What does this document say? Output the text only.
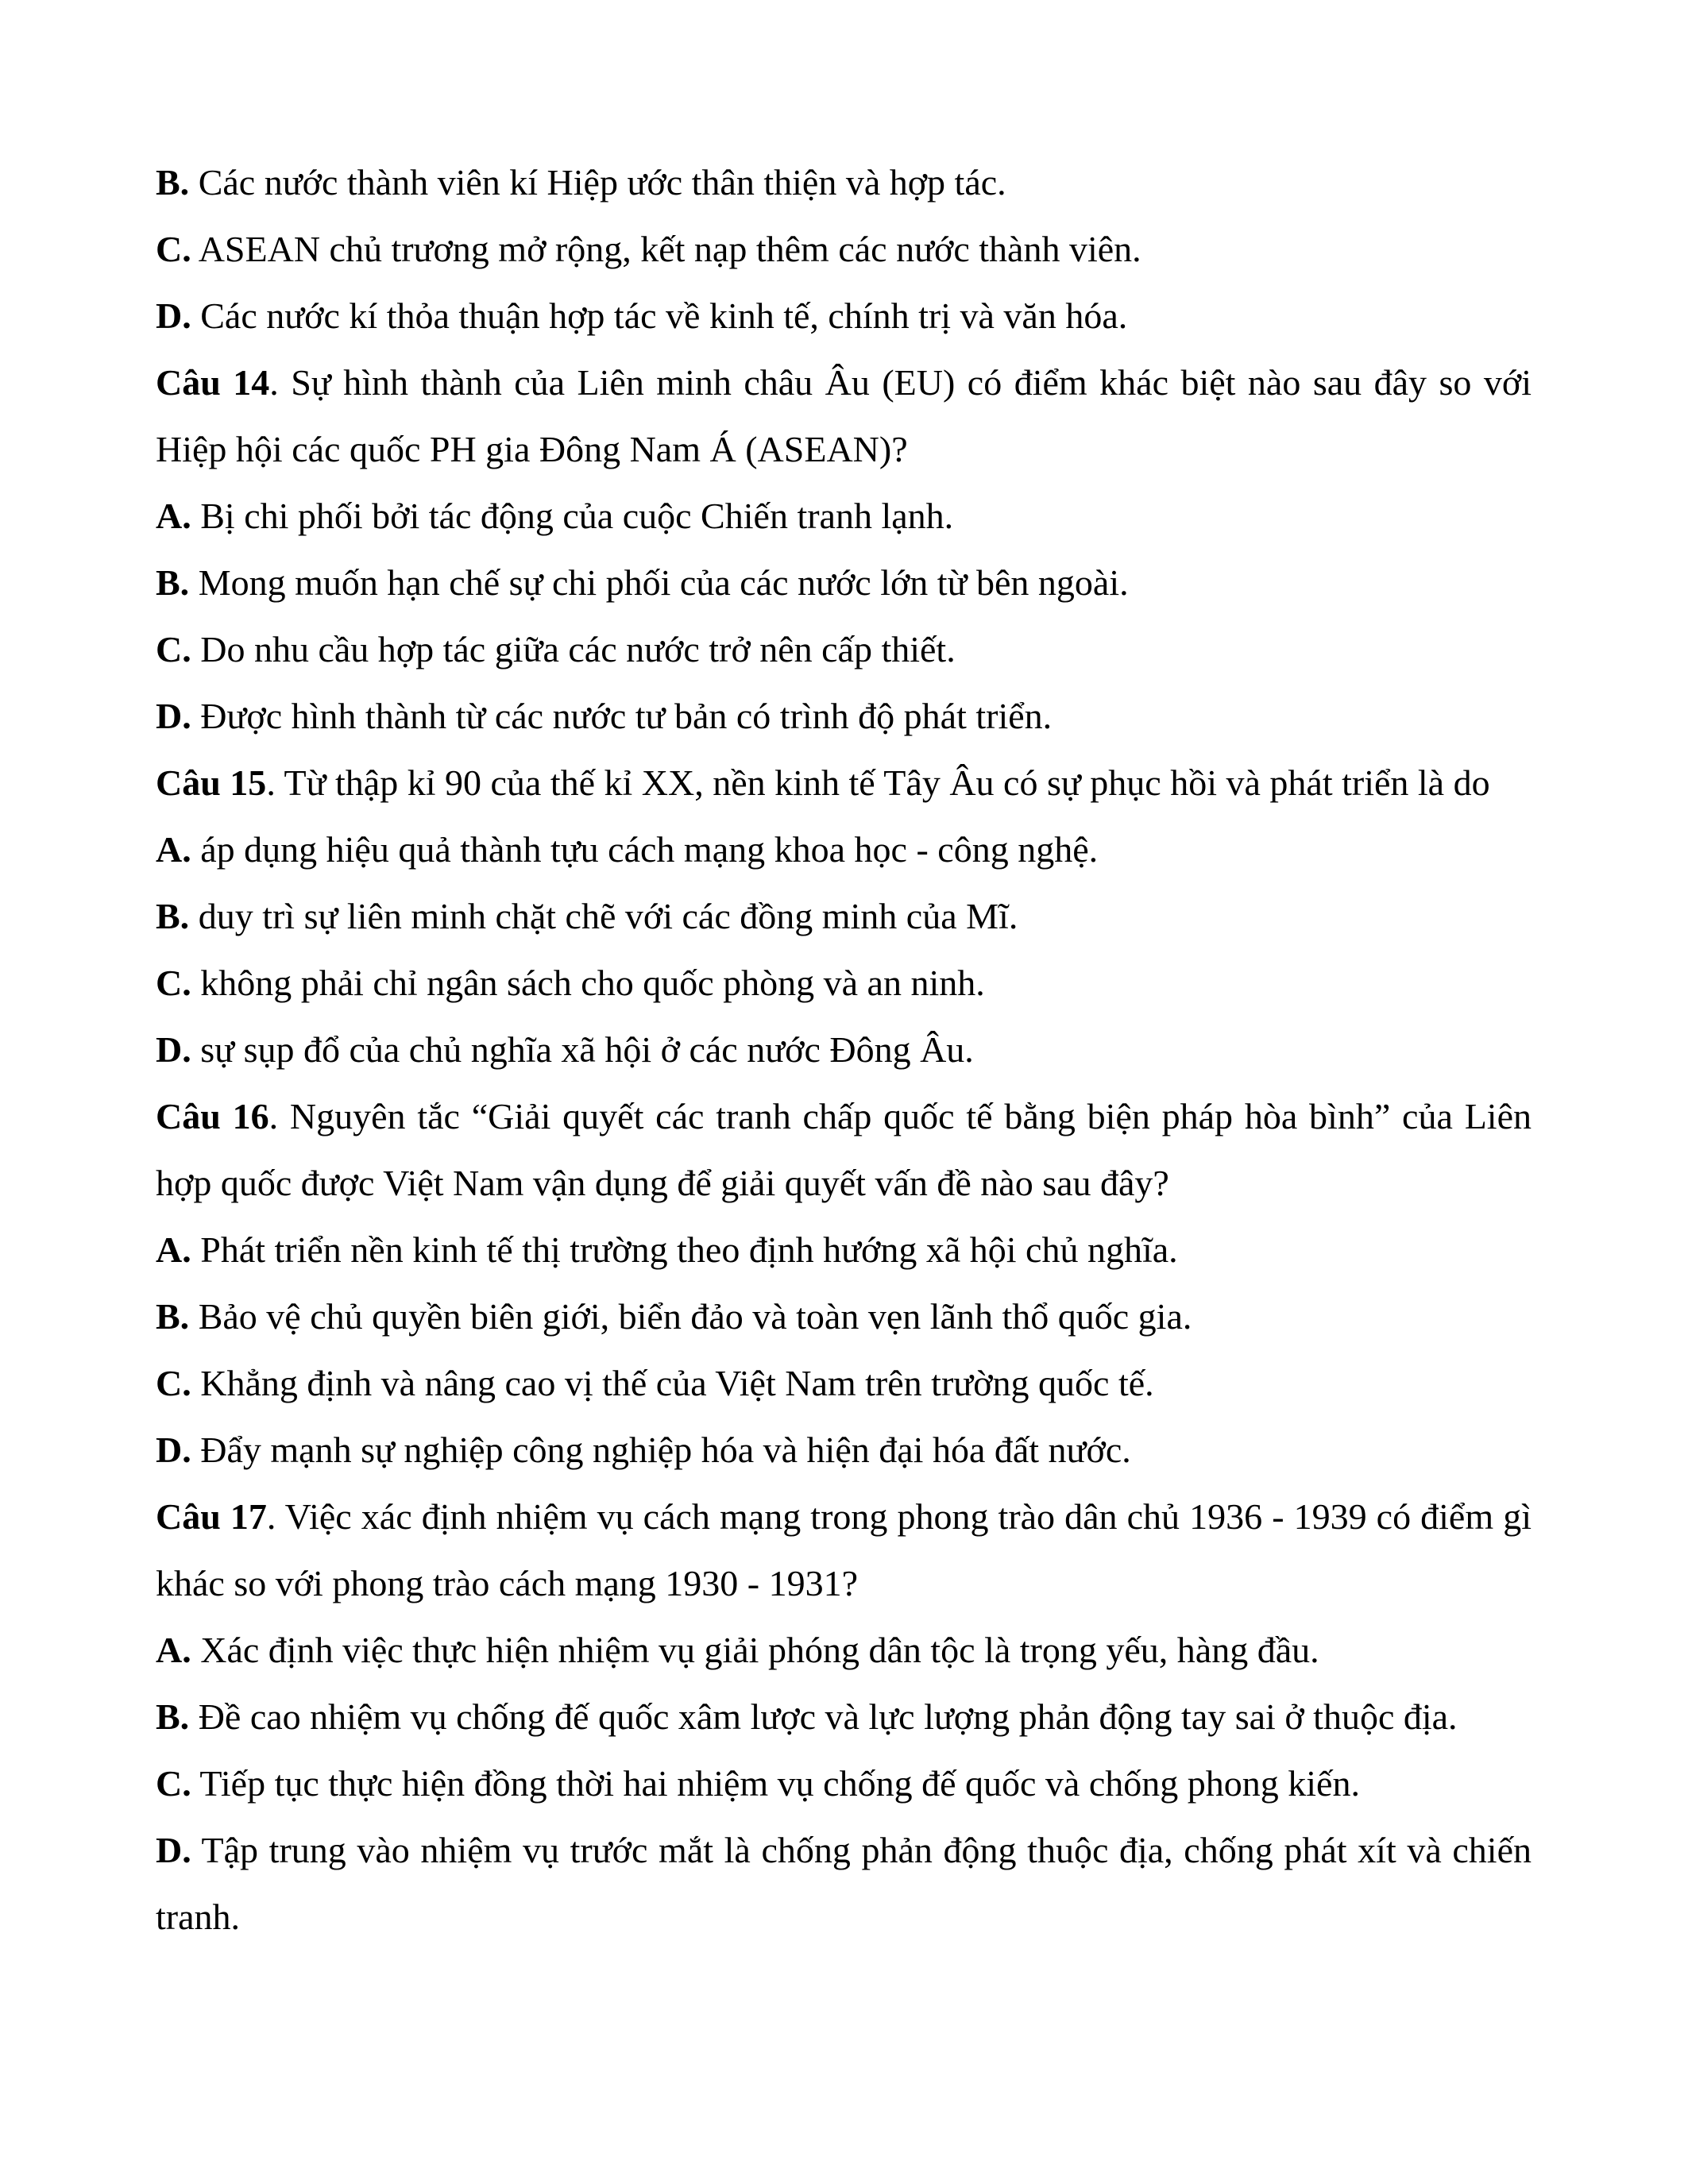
B. Các nước thành viên kí Hiệp ước thân thiện và hợp tác.

C. ASEAN chủ trương mở rộng, kết nạp thêm các nước thành viên.

D. Các nước kí thỏa thuận hợp tác về kinh tế, chính trị và văn hóa.

Câu 14. Sự hình thành của Liên minh châu Âu (EU) có điểm khác biệt nào sau đây so với Hiệp hội các quốc PH gia Đông Nam Á (ASEAN)?

A. Bị chi phối bởi tác động của cuộc Chiến tranh lạnh.

B. Mong muốn hạn chế sự chi phối của các nước lớn từ bên ngoài.

C. Do nhu cầu hợp tác giữa các nước trở nên cấp thiết.

D. Được hình thành từ các nước tư bản có trình độ phát triển.

Câu 15. Từ thập kỉ 90 của thế kỉ XX, nền kinh tế Tây Âu có sự phục hồi và phát triển là do

A. áp dụng hiệu quả thành tựu cách mạng khoa học - công nghệ.

B. duy trì sự liên minh chặt chẽ với các đồng minh của Mĩ.

C. không phải chỉ ngân sách cho quốc phòng và an ninh.

D. sự sụp đổ của chủ nghĩa xã hội ở các nước Đông Âu.

Câu 16. Nguyên tắc “Giải quyết các tranh chấp quốc tế bằng biện pháp hòa bình” của Liên hợp quốc được Việt Nam vận dụng để giải quyết vấn đề nào sau đây?

A. Phát triển nền kinh tế thị trường theo định hướng xã hội chủ nghĩa.

B. Bảo vệ chủ quyền biên giới, biển đảo và toàn vẹn lãnh thổ quốc gia.

C. Khẳng định và nâng cao vị thế của Việt Nam trên trường quốc tế.

D. Đẩy mạnh sự nghiệp công nghiệp hóa và hiện đại hóa đất nước.

Câu 17. Việc xác định nhiệm vụ cách mạng trong phong trào dân chủ 1936 - 1939 có điểm gì khác so với phong trào cách mạng 1930 - 1931?

A. Xác định việc thực hiện nhiệm vụ giải phóng dân tộc là trọng yếu, hàng đầu.

B. Đề cao nhiệm vụ chống đế quốc xâm lược và lực lượng phản động tay sai ở thuộc địa.

C. Tiếp tục thực hiện đồng thời hai nhiệm vụ chống đế quốc và chống phong kiến.

D. Tập trung vào nhiệm vụ trước mắt là chống phản động thuộc địa, chống phát xít và chiến tranh.
